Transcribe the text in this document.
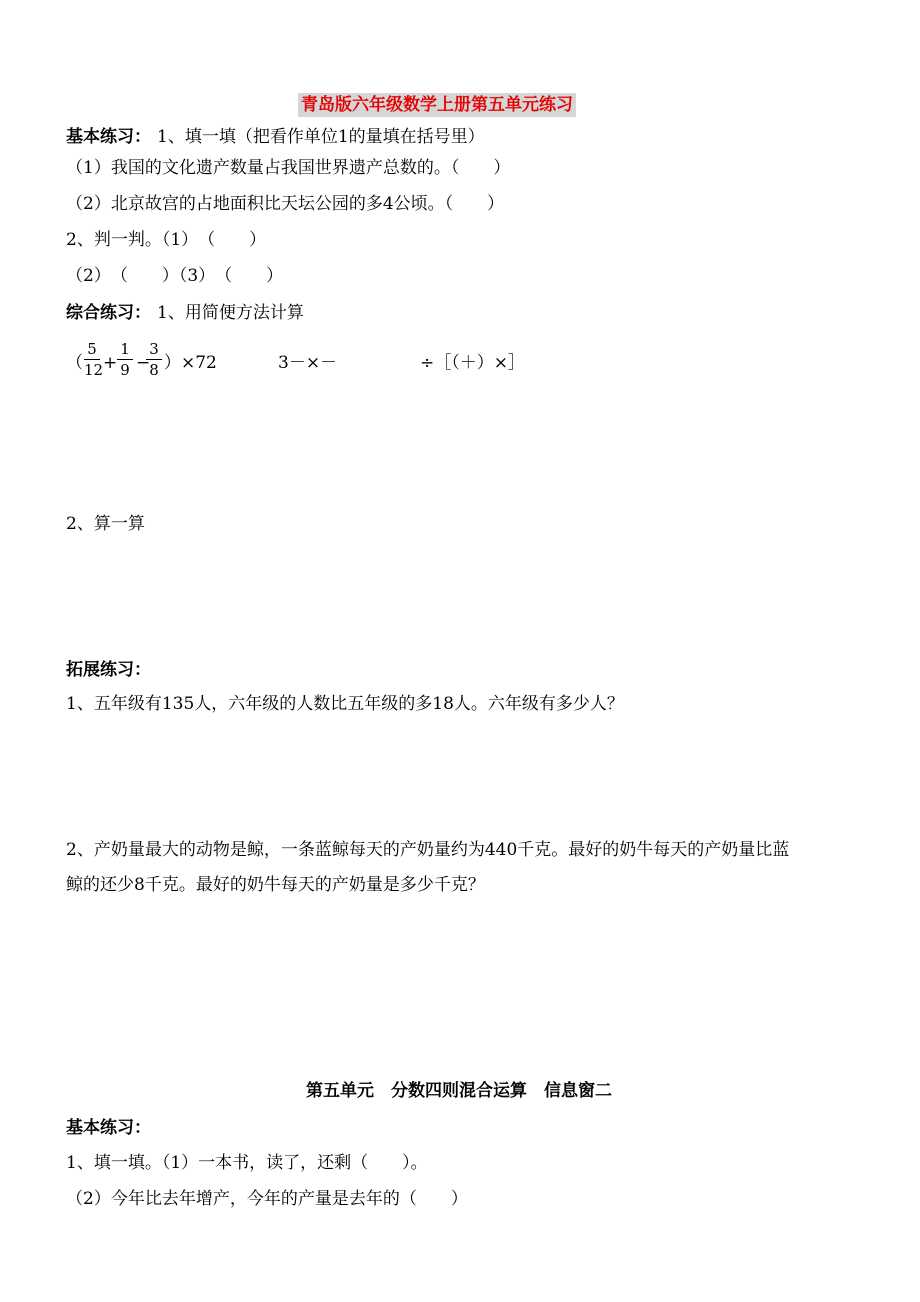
青岛版六年级数学上册第五单元练习
基本练习： 1、填一填（把看作单位1的量填在括号里）
（1）我国的文化遗产数量占我国世界遗产总数的。（　　）
（2）北京故宫的占地面积比天坛公园的多4公顷。（　　）
2、判一判。（1）　（　　）
（2）　（　　）（3）　（　　）
综合练习： 1、用简便方法计算
（
5
12 +
1
9 −
3
8 ）×72	3－×－	÷［（＋）×］
2、算一算
拓展练习：
1、五年级有135人，六年级的人数比五年级的多18人。六年级有多少人？
2、产奶量最大的动物是鲸，一条蓝鲸每天的产奶量约为440千克。最好的奶牛每天的产奶量比蓝
鲸的还少8千克。最好的奶牛每天的产奶量是多少千克？
第五单元　分数四则混合运算　信息窗二
基本练习：
1、填一填。（1）一本书，读了，还剩（　　）。
（2）今年比去年增产，今年的产量是去年的（　　）
